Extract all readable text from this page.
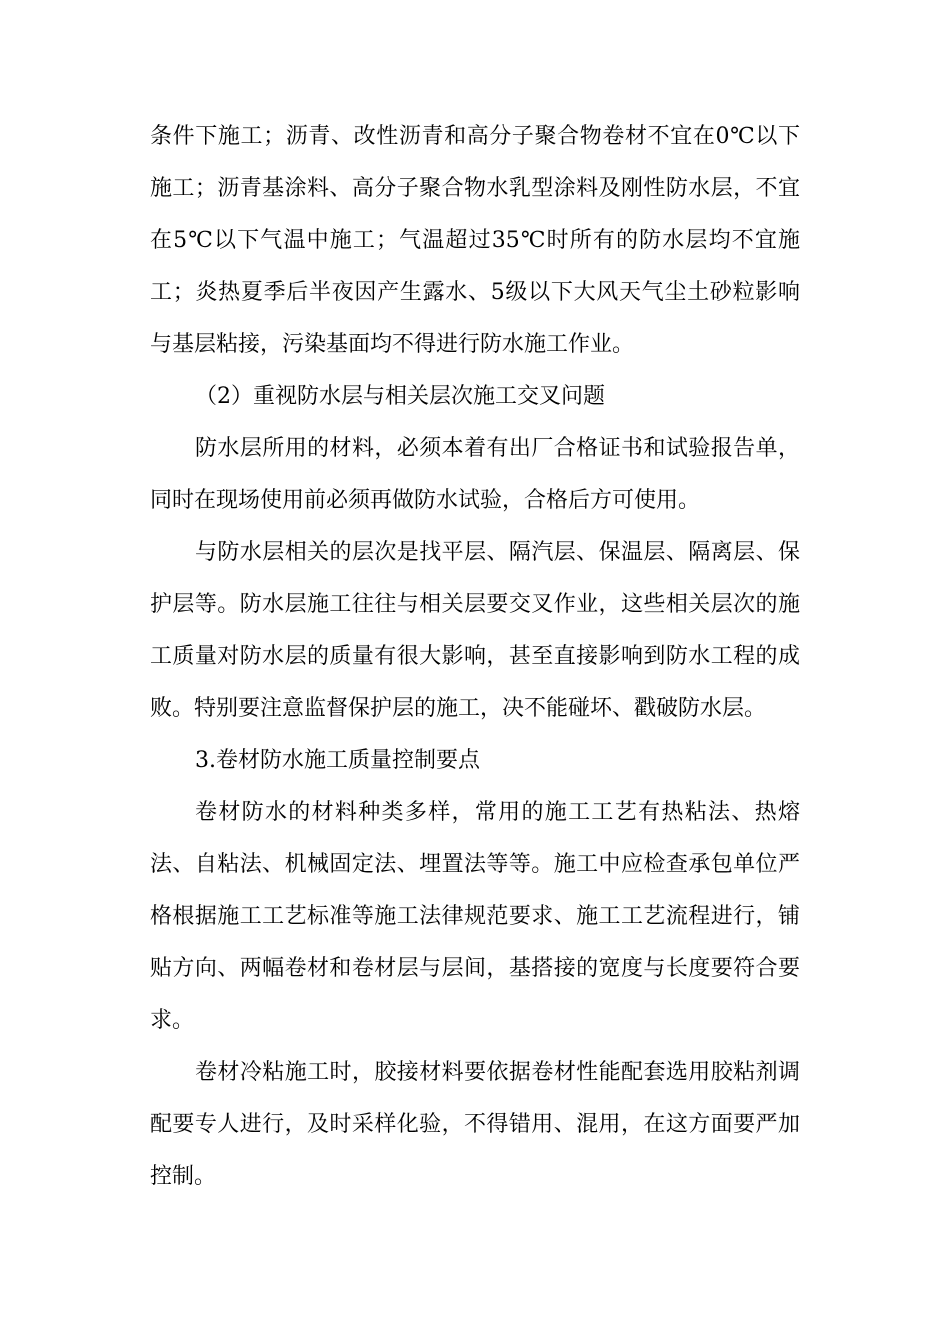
条件下施工；沥青、改性沥青和高分子聚合物卷材不宜在0℃以下
施工；沥青基涂料、高分子聚合物水乳型涂料及刚性防水层，不宜
在5℃以下气温中施工；气温超过35℃时所有的防水层均不宜施
工；炎热夏季后半夜因产生露水、5级以下大风天气尘土砂粒影响
与基层粘接，污染基面均不得进行防水施工作业。
（2）重视防水层与相关层次施工交叉问题
防水层所用的材料，必须本着有出厂合格证书和试验报告单，
同时在现场使用前必须再做防水试验，合格后方可使用。
与防水层相关的层次是找平层、隔汽层、保温层、隔离层、保
护层等。防水层施工往往与相关层要交叉作业，这些相关层次的施
工质量对防水层的质量有很大影响，甚至直接影响到防水工程的成
败。特别要注意监督保护层的施工，决不能碰坏、戳破防水层。
3.卷材防水施工质量控制要点
卷材防水的材料种类多样，常用的施工工艺有热粘法、热熔
法、自粘法、机械固定法、埋置法等等。施工中应检查承包单位严
格根据施工工艺标准等施工法律规范要求、施工工艺流程进行，铺
贴方向、两幅卷材和卷材层与层间，基搭接的宽度与长度要符合要
求。
卷材冷粘施工时，胶接材料要依据卷材性能配套选用胶粘剂调
配要专人进行，及时采样化验，不得错用、混用，在这方面要严加
控制。
